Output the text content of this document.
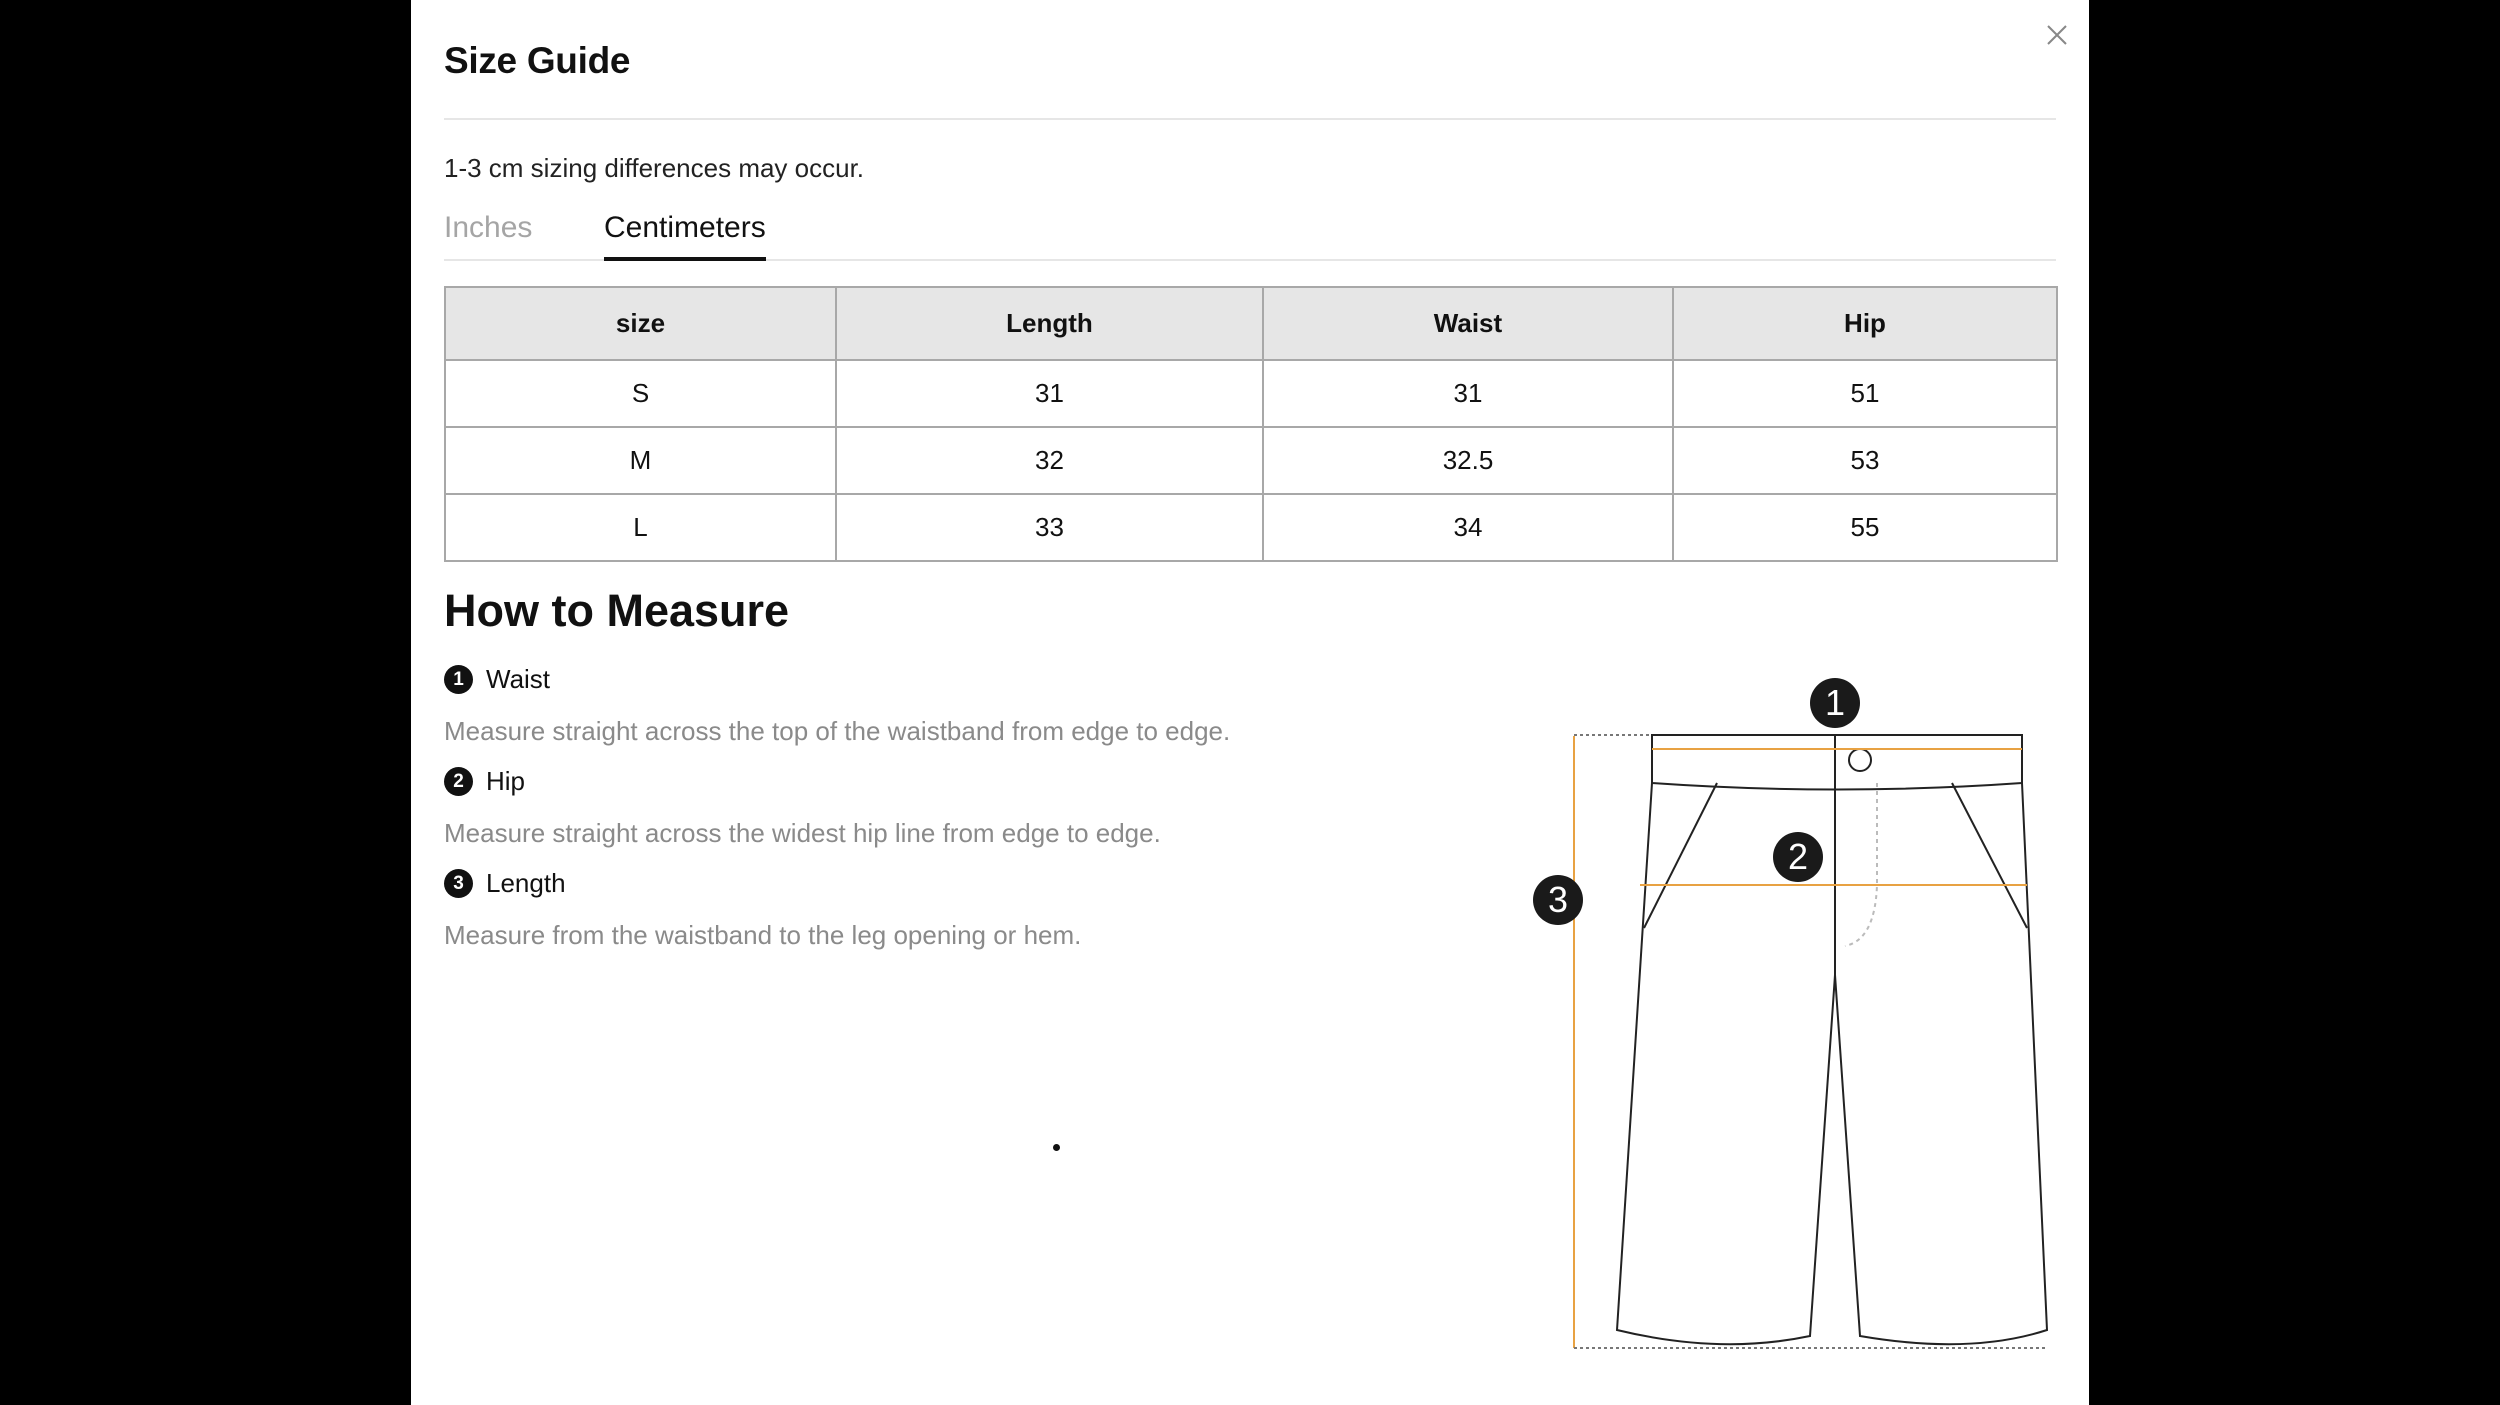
Size Guide
1-3 cm sizing differences may occur.
Inches Centimeters
size	Length	Waist	Hip
S	31	31	51
M	32	32.5	53
L	33	34	55
How to Measure
1 Waist
Measure straight across the top of the waistband from edge to edge.
2 Hip
Measure straight across the widest hip line from edge to edge.
3 Length
Measure from the waistband to the leg opening or hem.
1
2
3
